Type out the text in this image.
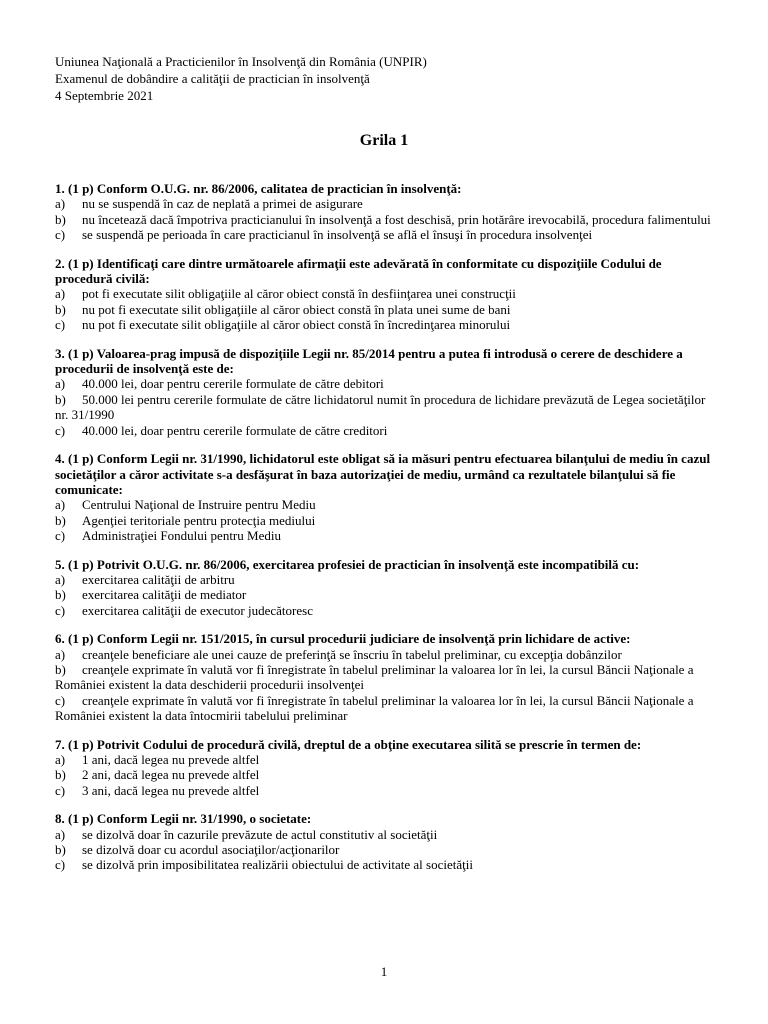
Uniunea Naţională a Practicienilor în Insolvenţă din România (UNPIR)
Examenul de dobândire a calităţii de practician în insolvenţă
4 Septembrie 2021
Grila 1
1. (1 p) Conform O.U.G. nr. 86/2006, calitatea de practician în insolvenţă:
a) nu se suspendă în caz de neplată a primei de asigurare
b) nu încetează dacă împotriva practicianului în insolvenţă a fost deschisă, prin hotărâre irevocabilă, procedura falimentului
c) se suspendă pe perioada în care practicianul în insolvenţă se află el însuşi în procedura insolvenţei
2. (1 p) Identificaţi care dintre următoarele afirmaţii este adevărată în conformitate cu dispoziţiile Codului de procedură civilă:
a) pot fi executate silit obligaţiile al căror obiect constă în desfiinţarea unei construcţii
b) nu pot fi executate silit obligaţiile al căror obiect constă în plata unei sume de bani
c) nu pot fi executate silit obligaţiile al căror obiect constă în încredinţarea minorului
3. (1 p) Valoarea-prag impusă de dispoziţiile Legii nr. 85/2014 pentru a putea fi introdusă o cerere de deschidere a procedurii de insolvenţă este de:
a) 40.000 lei, doar pentru cererile formulate de către debitori
b) 50.000 lei pentru cererile formulate de către lichidatorul numit în procedura de lichidare prevăzută de Legea societăţilor nr. 31/1990
c) 40.000 lei, doar pentru cererile formulate de către creditori
4. (1 p) Conform Legii nr. 31/1990, lichidatorul este obligat să ia măsuri pentru efectuarea bilanţului de mediu în cazul societăţilor a căror activitate s-a desfăşurat în baza autorizaţiei de mediu, urmând ca rezultatele bilanţului să fie comunicate:
a) Centrului Naţional de Instruire pentru Mediu
b) Agenţiei teritoriale pentru protecţia mediului
c) Administraţiei Fondului pentru Mediu
5. (1 p) Potrivit O.U.G. nr. 86/2006, exercitarea profesiei de practician în insolvenţă este incompatibilă cu:
a) exercitarea calităţii de arbitru
b) exercitarea calităţii de mediator
c) exercitarea calităţii de executor judecătoresc
6. (1 p) Conform Legii nr. 151/2015, în cursul procedurii judiciare de insolvenţă prin lichidare de active:
a) creanţele beneficiare ale unei cauze de preferinţă se înscriu în tabelul preliminar, cu excepţia dobânzilor
b) creanţele exprimate în valută vor fi înregistrate în tabelul preliminar la valoarea lor în lei, la cursul Băncii Naţionale a României existent la data deschiderii procedurii insolvenţei
c) creanţele exprimate în valută vor fi înregistrate în tabelul preliminar la valoarea lor în lei, la cursul Băncii Naţionale a României existent la data întocmirii tabelului preliminar
7. (1 p) Potrivit Codului de procedură civilă, dreptul de a obţine executarea silită se prescrie în termen de:
a) 1 ani, dacă legea nu prevede altfel
b) 2 ani, dacă legea nu prevede altfel
c) 3 ani, dacă legea nu prevede altfel
8. (1 p) Conform Legii nr. 31/1990, o societate:
a) se dizolvă doar în cazurile prevăzute de actul constitutiv al societăţii
b) se dizolvă doar cu acordul asociaţilor/acţionarilor
c) se dizolvă prin imposibilitatea realizării obiectului de activitate al societăţii
1
